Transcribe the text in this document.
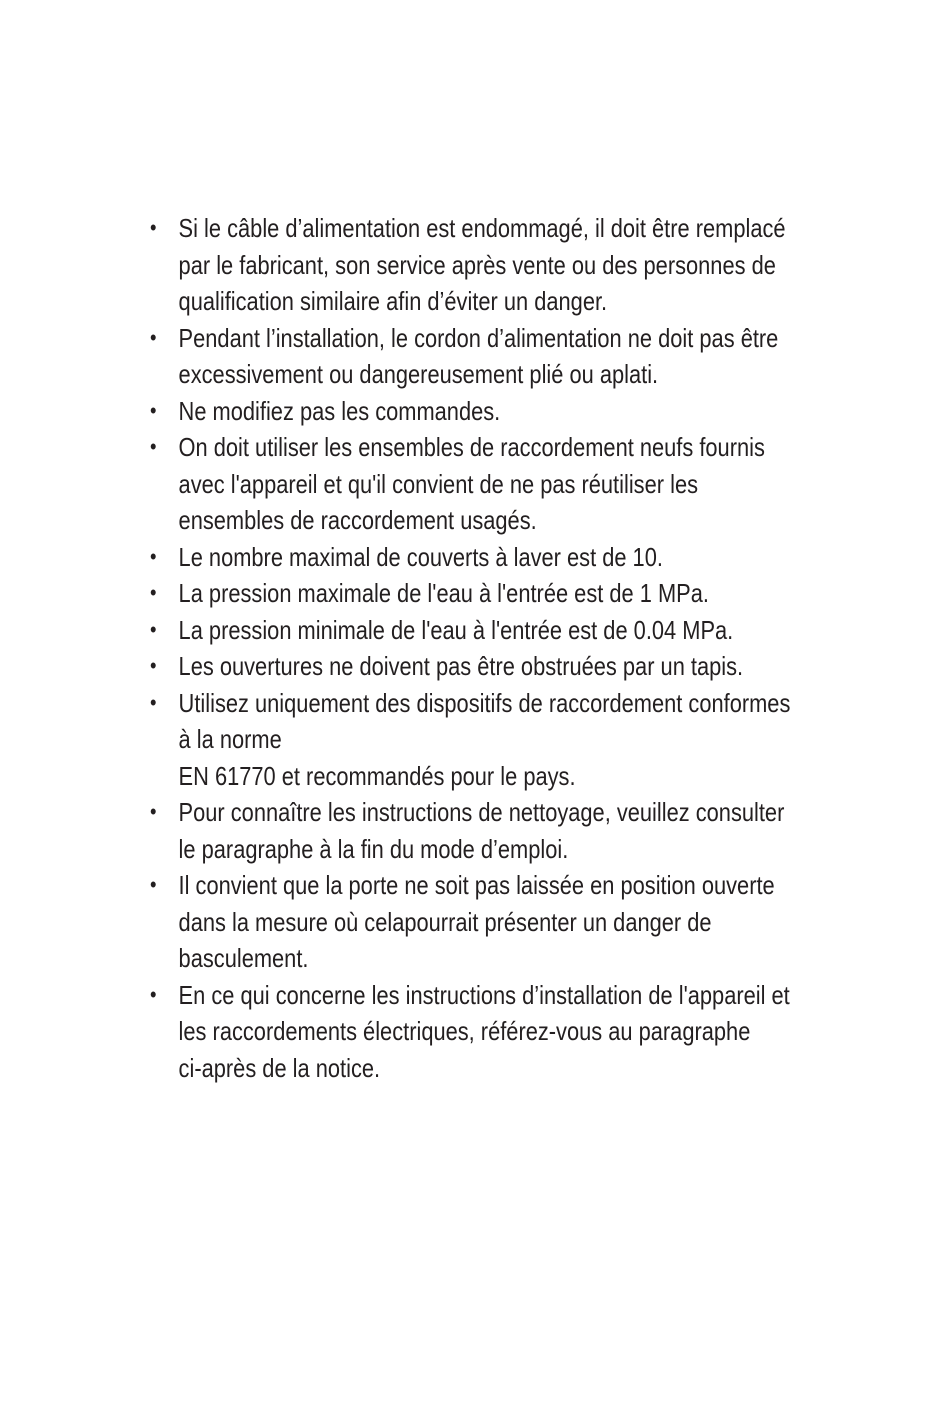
• Si le câble d’alimentation est endommagé, il doit être remplacé
par le fabricant, son service après vente ou des personnes de
qualification similaire afin d’éviter un danger.
• Pendant l’installation, le cordon d’alimentation ne doit pas être
excessivement ou dangereusement plié ou aplati.
• Ne modifiez pas les commandes.
• On doit utiliser les ensembles de raccordement neufs fournis
avec l'appareil et qu'il convient de ne pas réutiliser les
ensembles de raccordement usagés.
• Le nombre maximal de couverts à laver est de 10.
• La pression maximale de l'eau à l'entrée est de 1 MPa.
• La pression minimale de l'eau à l'entrée est de 0.04 MPa.
• Les ouvertures ne doivent pas être obstruées par un tapis.
• Utilisez uniquement des dispositifs de raccordement conformes
à la norme
EN 61770 et recommandés pour le pays.
• Pour connaître les instructions de nettoyage, veuillez consulter
le paragraphe à la fin du mode d’emploi.
• Il convient que la porte ne soit pas laissée en position ouverte
dans la mesure où celapourrait présenter un danger de
basculement.
• En ce qui concerne les instructions d’installation de l'appareil et
les raccordements électriques, référez-vous au paragraphe
ci-après de la notice.
